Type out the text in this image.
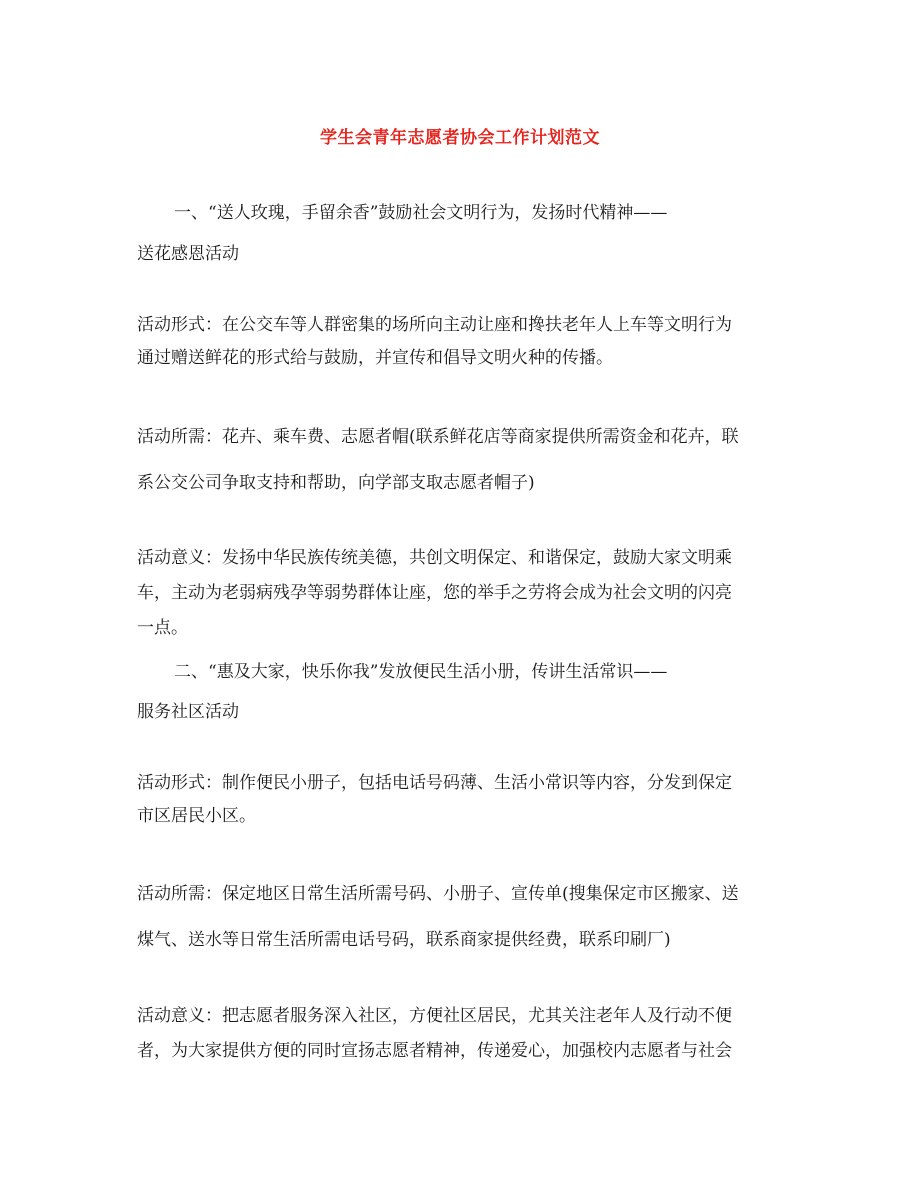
学生会青年志愿者协会工作计划范文
一、“送人玫瑰，手留余香”鼓励社会文明行为，发扬时代精神——
送花感恩活动
活动形式：在公交车等人群密集的场所向主动让座和搀扶老年人上车等文明行为
通过赠送鲜花的形式给与鼓励，并宣传和倡导文明火种的传播。
活动所需：花卉、乘车费、志愿者帽(联系鲜花店等商家提供所需资金和花卉，联
系公交公司争取支持和帮助，向学部支取志愿者帽子)
活动意义：发扬中华民族传统美德，共创文明保定、和谐保定，鼓励大家文明乘
车，主动为老弱病残孕等弱势群体让座，您的举手之劳将会成为社会文明的闪亮
一点。
二、“惠及大家，快乐你我”发放便民生活小册，传讲生活常识——
服务社区活动
活动形式：制作便民小册子，包括电话号码薄、生活小常识等内容，分发到保定
市区居民小区。
活动所需：保定地区日常生活所需号码、小册子、宣传单(搜集保定市区搬家、送
煤气、送水等日常生活所需电话号码，联系商家提供经费，联系印刷厂)
活动意义：把志愿者服务深入社区，方便社区居民，尤其关注老年人及行动不便
者，为大家提供方便的同时宣扬志愿者精神，传递爱心，加强校内志愿者与社会
